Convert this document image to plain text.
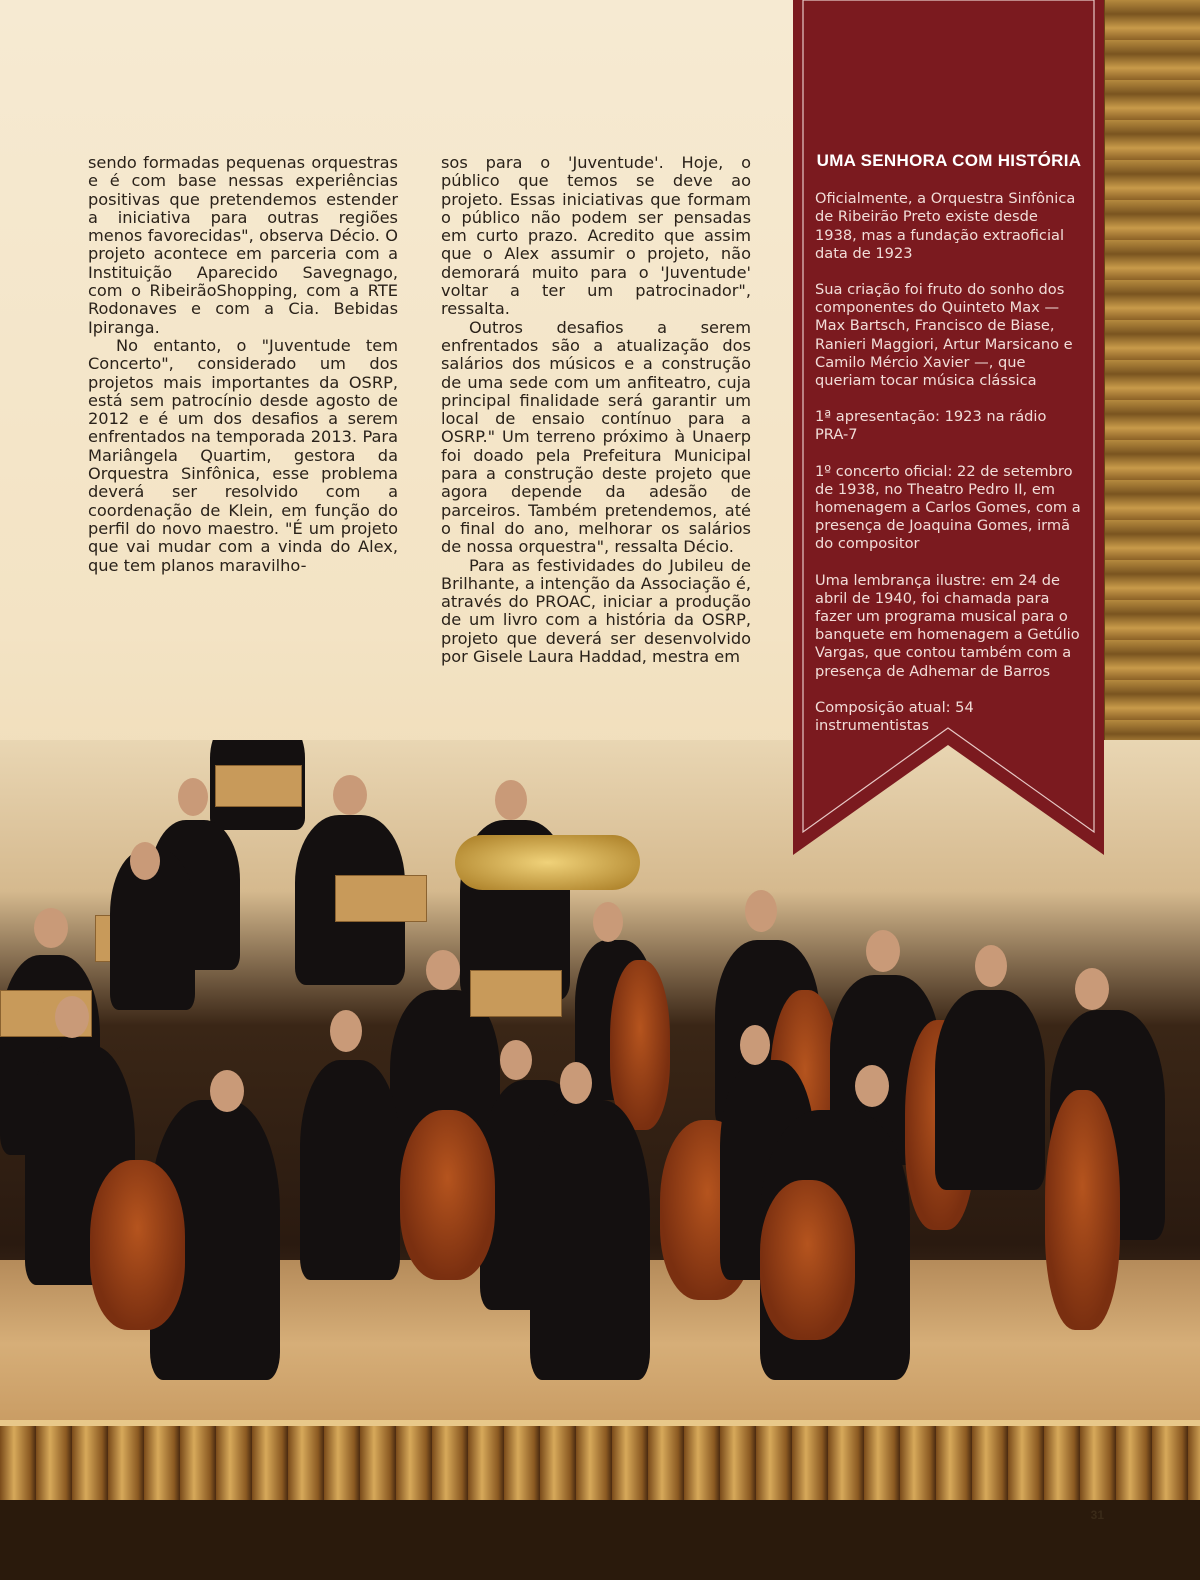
sendo formadas pequenas orquestras e é com base nessas experiências positivas que pretendemos estender a iniciativa para outras regiões menos favorecidas", observa Décio. O projeto acontece em parceria com a Instituição Aparecido Savegnago, com o RibeirãoShopping, com a RTE Rodonaves e com a Cia. Bebidas Ipiranga.

No entanto, o "Juventude tem Concerto", considerado um dos projetos mais importantes da OSRP, está sem patrocínio desde agosto de 2012 e é um dos desafios a serem enfrentados na temporada 2013. Para Mariângela Quartim, gestora da Orquestra Sinfônica, esse problema deverá ser resolvido com a coordenação de Klein, em função do perfil do novo maestro. "É um projeto que vai mudar com a vinda do Alex, que tem planos maravilho-

sos para o 'Juventude'. Hoje, o público que temos se deve ao projeto. Essas iniciativas que formam o público não podem ser pensadas em curto prazo. Acredito que assim que o Alex assumir o projeto, não demorará muito para o 'Juventude' voltar a ter um patrocinador", ressalta.

Outros desafios a serem enfrentados são a atualização dos salários dos músicos e a construção de uma sede com um anfiteatro, cuja principal finalidade será garantir um local de ensaio contínuo para a OSRP." Um terreno próximo à Unaerp foi doado pela Prefeitura Municipal para a construção deste projeto que agora depende da adesão de parceiros. Também pretendemos, até o final do ano, melhorar os salários de nossa orquestra", ressalta Décio.

Para as festividades do Jubileu de Brilhante, a intenção da Associação é, através do PROAC, iniciar a produção de um livro com a história da OSRP, projeto que deverá ser desenvolvido por Gisele Laura Haddad, mestra em

UMA SENHORA COM HISTÓRIA

Oficialmente, a Orquestra Sinfônica de Ribeirão Preto existe desde 1938, mas a fundação extraoficial data de 1923

Sua criação foi fruto do sonho dos componentes do Quinteto Max — Max Bartsch, Francisco de Biase, Ranieri Maggiori, Artur Marsicano e Camilo Mércio Xavier —, que queriam tocar música clássica

1ª apresentação: 1923 na rádio PRA-7

1º concerto oficial: 22 de setembro de 1938, no Theatro Pedro II, em homenagem a Carlos Gomes, com a presença de Joaquina Gomes, irmã do compositor

Uma lembrança ilustre: em 24 de abril de 1940, foi chamada para fazer um programa musical para o banquete em homenagem a Getúlio Vargas, que contou também com a presença de Adhemar de Barros

Composição atual: 54 instrumentistas

31
